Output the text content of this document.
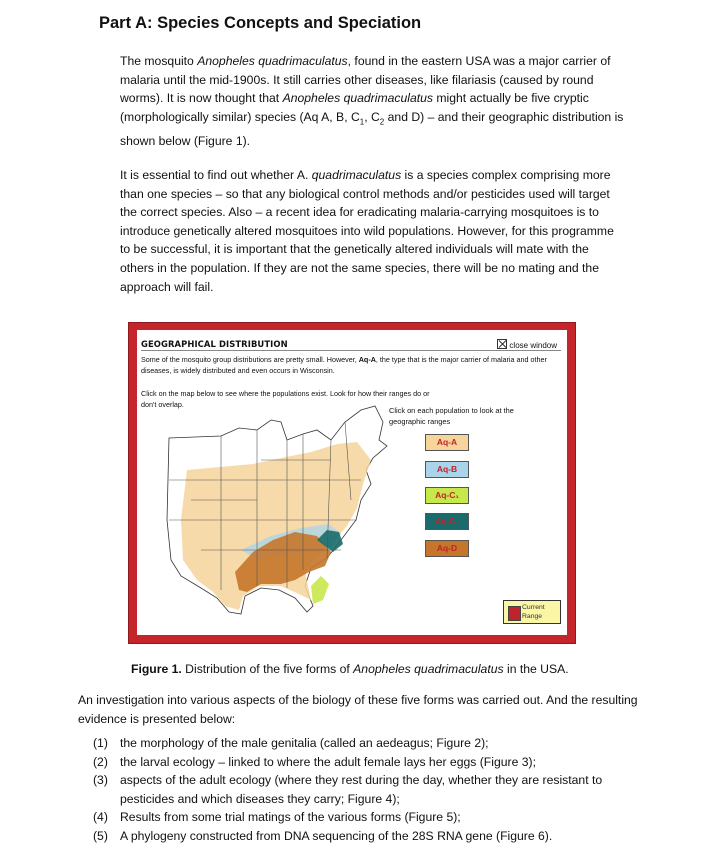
Part A: Species Concepts and Speciation

The mosquito Anopheles quadrimaculatus, found in the eastern USA was a major carrier of malaria until the mid-1900s. It still carries other diseases, like filariasis (caused by round worms). It is now thought that Anopheles quadrimaculatus might actually be five cryptic (morphologically similar) species (Aq A, B, $C_1$, $C_2$ and D) – and their geographic distribution is shown below (Figure 1).

It is essential to find out whether A. quadrimaculatus is a species complex comprising more than one species – so that any biological control methods and/or pesticides used will target the correct species. Also – a recent idea for eradicating malaria-carrying mosquitoes is to introduce genetically altered mosquitoes into wild populations. However, for this programme to be successful, it is important that the genetically altered individuals will mate with the others in the population. If they are not the same species, there will be no mating and the approach will fail.

GEOGRAPHICAL DISTRIBUTION	close window
Some of the mosquito group distributions are pretty small. However, Aq-A, the type that is the major carrier of malaria and other diseases, is widely distributed and even occurs in Wisconsin.
Click on the map below to see where the populations exist. Look for how their ranges do or don't overlap.
Click on each population to look at the geographic ranges
Aq-A
Aq-B
Aq-C₁
Aq-C₂
Aq-D
Current Range
Figure 1. Distribution of the five forms of Anopheles quadrimaculatus in the USA.

An investigation into various aspects of the biology of these five forms was carried out. And the resulting evidence is presented below:

(1) the morphology of the male genitalia (called an aedeagus; Figure 2);
(2) the larval ecology – linked to where the adult female lays her eggs (Figure 3);
(3) aspects of the adult ecology (where they rest during the day, whether they are resistant to pesticides and which diseases they carry; Figure 4);
(4) Results from some trial matings of the various forms (Figure 5);
(5) A phylogeny constructed from DNA sequencing of the 28S RNA gene (Figure 6).
